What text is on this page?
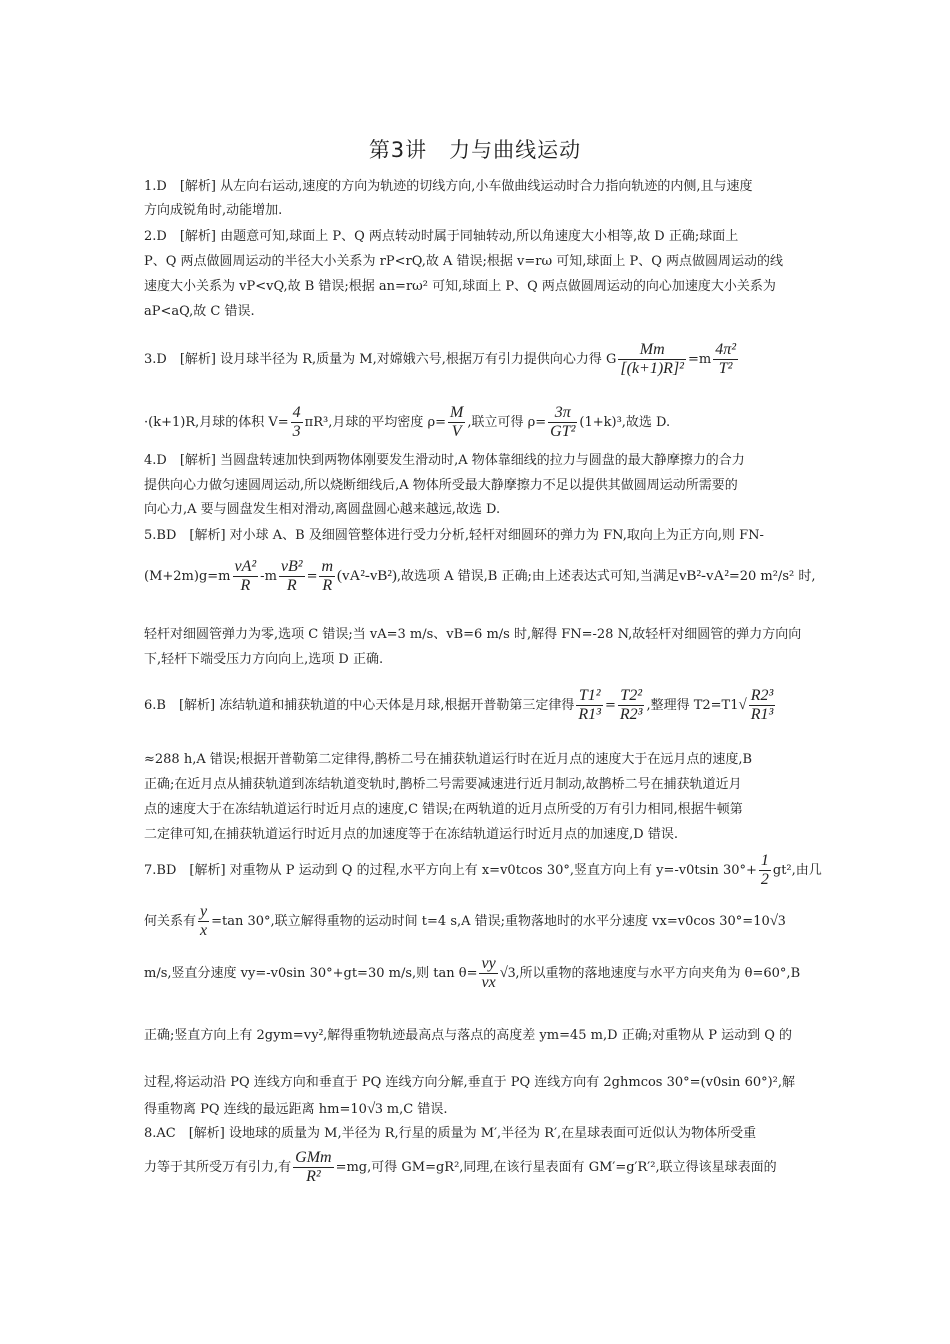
第3讲　力与曲线运动
1.D　[解析] 从左向右运动,速度的方向为轨迹的切线方向,小车做曲线运动时合力指向轨迹的内侧,且与速度
方向成锐角时,动能增加.
2.D　[解析] 由题意可知,球面上 P、Q 两点转动时属于同轴转动,所以角速度大小相等,故 D 正确;球面上
P、Q 两点做圆周运动的半径大小关系为 rP<rQ,故 A 错误;根据 v=rω 可知,球面上 P、Q 两点做圆周运动的线
速度大小关系为 vP<vQ,故 B 错误;根据 an=rω² 可知,球面上 P、Q 两点做圆周运动的向心加速度大小关系为
aP<aQ,故 C 错误.
3.D　[解析] 设月球半径为 R,质量为 M,对嫦娥六号,根据万有引力提供向心力得 G $\frac{Mm}{\text{[(k+1)R]²}} =m \frac{\text{4π²}}{\text{T²}}$
·(k+1)R,月球的体积 $V= \frac{4}{3} \pi R^3$,月球的平均密度 $\rho= \frac{M}{V}$ ,联立可得 $\rho= \frac{3\pi}{\text{GT²}} (1+k)^3$,故选 D.
4.D　[解析] 当圆盘转速加快到两物体刚要发生滑动时,A 物体靠细线的拉力与圆盘的最大静摩擦力的合力
提供向心力做匀速圆周运动,所以烧断细线后,A 物体所受最大静摩擦力不足以提供其做圆周运动所需要的
向心力,A 要与圆盘发生相对滑动,离圆盘圆心越来越远,故选 D.
5.BD　[解析] 对小球 A、B 及细圆管整体进行受力分析,轻杆对细圆环的弹力为 FN,取向上为正方向,则 FN-
$(M+2m)g=m \frac{\text{vA²}}{R} -m \frac{\text{vB²}}{R} = \frac{m}{R} (vA^2-vB^2)$,故选项 A 错误,B 正确;由上述表达式可知,当满足vB²-vA²=20 m²/s² 时,
轻杆对细圆管弹力为零,选项 C 错误;当 vA=3 m/s、vB=6 m/s 时,解得 FN=-28 N,故轻杆对细圆管的弹力方向向
下,轻杆下端受压力方向向上,选项 D 正确.
6.B　[解析] 冻结轨道和捕获轨道的中心天体是月球,根据开普勒第三定律得 $\frac{\text{T1²}}{\text{R1³}} = \frac{\text{T2²}}{\text{R2³}}$ ,整理得 $T2=T1√ \frac{\text{R2³}}{\text{R1³}}$
≈288 h,A 错误;根据开普勒第二定律得,鹊桥二号在捕获轨道运行时在近月点的速度大于在远月点的速度,B
正确;在近月点从捕获轨道到冻结轨道变轨时,鹊桥二号需要减速进行近月制动,故鹊桥二号在捕获轨道近月
点的速度大于在冻结轨道运行时近月点的速度,C 错误;在两轨道的近月点所受的万有引力相同,根据牛顿第
二定律可知,在捕获轨道运行时近月点的加速度等于在冻结轨道运行时近月点的加速度,D 错误.
7.BD　[解析] 对重物从 P 运动到 Q 的过程,水平方向上有 x=v0tcos 30°,竖直方向上有 y=-v0tsin $30^\circ+ \frac{1}{2} gt^2$,由几
何关系有 $\frac{y}{x} =\tan$ 30°,联立解得重物的运动时间 t=4 s,A 错误;重物落地时的水平分速度 vx=v0cos 30°=10√3
m/s,竖直分速度 vy=-v0sin 30°+gt=30 m/s,则 $\tan \theta= \frac{vy}{vx} √3$,所以重物的落地速度与水平方向夹角为 θ=60°,B
正确;竖直方向上有 2gym=vy²,解得重物轨迹最高点与落点的高度差 ym=45 m,D 正确;对重物从 P 运动到 Q 的
过程,将运动沿 PQ 连线方向和垂直于 PQ 连线方向分解,垂直于 PQ 连线方向有 2ghmcos 30°=(v0sin 60°)²,解
得重物离 PQ 连线的最远距离 hm=10√3 m,C 错误.
8.AC　[解析] 设地球的质量为 M,半径为 R,行星的质量为 M′,半径为 R′,在星球表面可近似认为物体所受重
力等于其所受万有引力,有
GMm
R²
=mg,可得 GM=gR²,同理,在该行星表面有 GM′=g′R′²,联立得该星球表面的
